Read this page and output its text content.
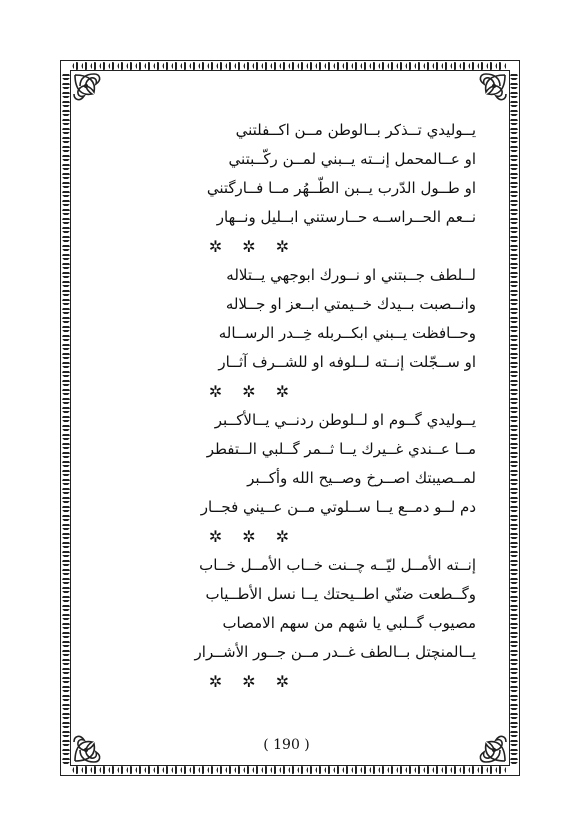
يــوليدي تــذكر بــالوطن مــن اكــفلتني
او عــالمحمل إنــته يــبني لمــن ركّــبتني
او طــول الدّرب يــبن الطّــهُر مــا فــارگتني
نــعم الحــراســه حــارستني ابــليل ونــهار
✲ ✲ ✲
لــلطف جــبتني او نــورك ابوجهي يــتلاله
وانــصبت بــيدك خــيمتي ابــعز او جــلاله
وحــافظت يــبني ابكــربله خِــدر الرســاله
او ســجّلت إنــته لــلوفه او للشــرف آثــار
✲ ✲ ✲
يــوليدي گــوم او لــلوطن ردنــي يــالأكــبر
مــا عــندي غــيرك يــا ثــمر گــلبي الــتفطر
لمــصيبتك اصــرخ وصــيح الله وأكــبر
دم لــو دمــع يــا ســلوتي مــن عــيني فجــار
✲ ✲ ✲
إنــته الأمــل ليّــه چــنت خــاب الأمــل خــاب
وگــطعت ضنّي اطــيحتك يــا نسل الأطــياب
مصيوب گــلبي يا شهم من سهم الامصاب
يــالمنچتل بــالطف غــدر مــن جــور الأشــرار
✲ ✲ ✲
( 190 )
